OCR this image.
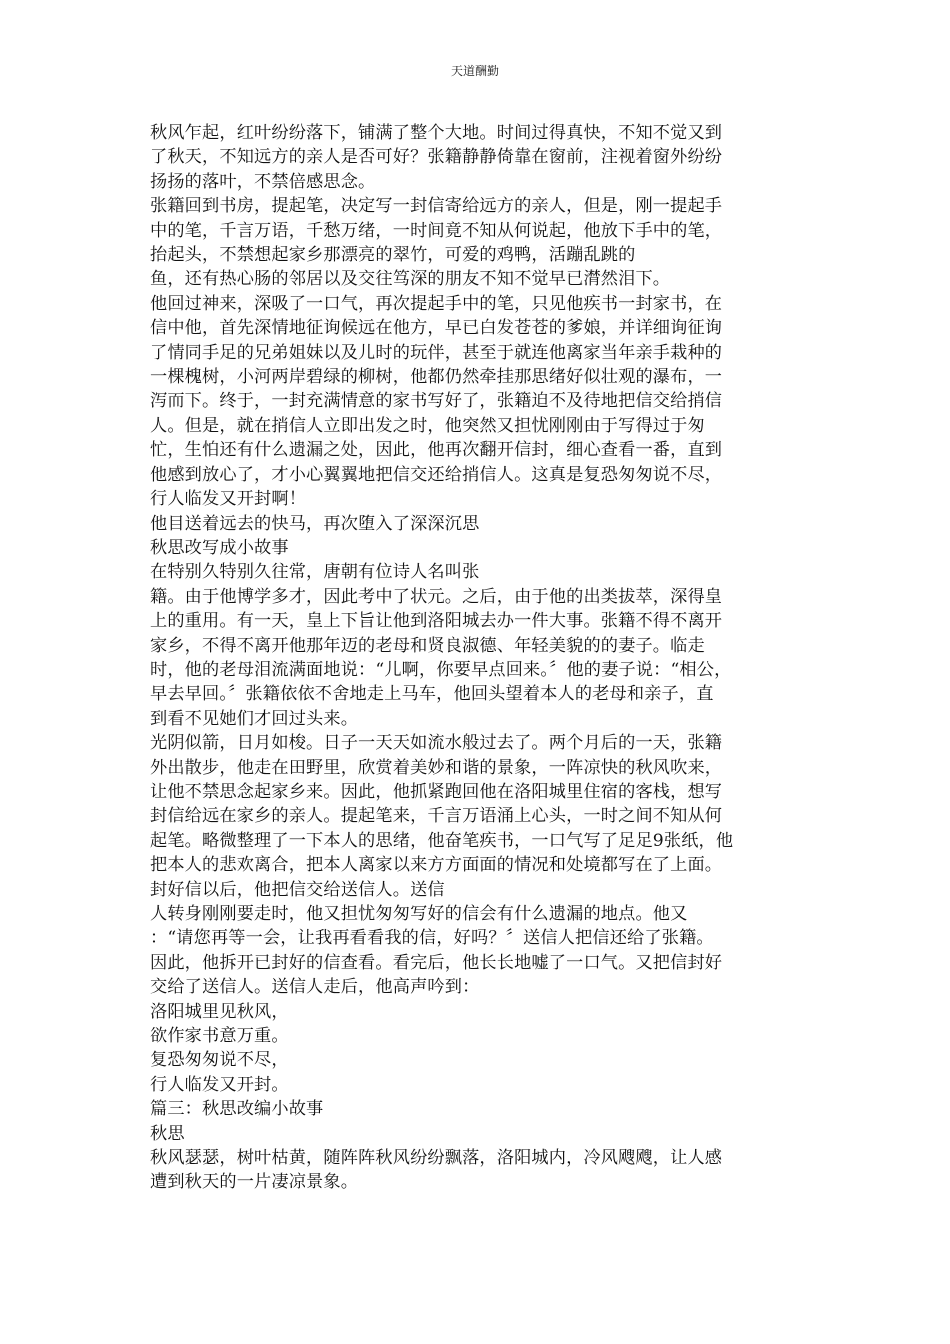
天道酬勤

秋风乍起，红叶纷纷落下，铺满了整个大地。时间过得真快，不知不觉又到
了秋天，不知远方的亲人是否可好？张籍静静倚靠在窗前，注视着窗外纷纷
扬扬的落叶，不禁倍感思念。

张籍回到书房，提起笔，决定写一封信寄给远方的亲人，但是，刚一提起手
中的笔，千言万语，千愁万绪，一时间竟不知从何说起，他放下手中的笔，
抬起头，不禁想起家乡那漂亮的翠竹，可爱的鸡鸭，活蹦乱跳的
鱼，还有热心肠的邻居以及交往笃深的朋友不知不觉早已潸然泪下。

他回过神来，深吸了一口气，再次提起手中的笔，只见他疾书一封家书，在
信中他，首先深情地征询候远在他方，早已白发苍苍的爹娘，并详细询征询
了情同手足的兄弟姐妹以及儿时的玩伴，甚至于就连他离家当年亲手栽种的
一棵槐树，小河两岸碧绿的柳树，他都仍然牵挂那思绪好似壮观的瀑布，一
泻而下。终于，一封充满情意的家书写好了，张籍迫不及待地把信交给捎信
人。但是，就在捎信人立即出发之时，他突然又担忧刚刚由于写得过于匆
忙，生怕还有什么遗漏之处，因此，他再次翻开信封，细心查看一番，直到
他感到放心了，才小心翼翼地把信交还给捎信人。这真是复恐匆匆说不尽，
行人临发又开封啊！

他目送着远去的快马，再次堕入了深深沉思

秋思改写成小故事

在特别久特别久往常，唐朝有位诗人名叫张
籍。由于他博学多才，因此考中了状元。之后，由于他的出类拔萃，深得皇
上的重用。有一天，皇上下旨让他到洛阳城去办一件大事。张籍不得不离开
家乡，不得不离开他那年迈的老母和贤良淑德、年轻美貌的的妻子。临走
时，他的老母泪流满面地说：“儿啊，你要早点回来。〞他的妻子说：“相公，
早去早回。〞张籍依依不舍地走上马车，他回头望着本人的老母和亲子，直
到看不见她们才回过头来。

光阴似箭，日月如梭。日子一天天如流水般过去了。两个月后的一天，张籍
外出散步，他走在田野里，欣赏着美妙和谐的景象，一阵凉快的秋风吹来，
让他不禁思念起家乡来。因此，他抓紧跑回他在洛阳城里住宿的客栈，想写
封信给远在家乡的亲人。提起笔来，千言万语涌上心头，一时之间不知从何
起笔。略微整理了一下本人的思绪，他奋笔疾书，一口气写了足足9张纸，他
把本人的悲欢离合，把本人离家以来方方面面的情况和处境都写在了上面。
封好信以后，他把信交给送信人。送信
人转身刚刚要走时，他又担忧匆匆写好的信会有什么遗漏的地点。他又
：“请您再等一会，让我再看看我的信，好吗？〞送信人把信还给了张籍。
因此，他拆开已封好的信查看。看完后，他长长地嘘了一口气。又把信封好
交给了送信人。送信人走后，他高声吟到：

洛阳城里见秋风，

欲作家书意万重。

复恐匆匆说不尽，

行人临发又开封。

篇三：秋思改编小故事

秋思

秋风瑟瑟，树叶枯黄，随阵阵秋风纷纷飘落，洛阳城内，冷风飕飕，让人感
遭到秋天的一片凄凉景象。
